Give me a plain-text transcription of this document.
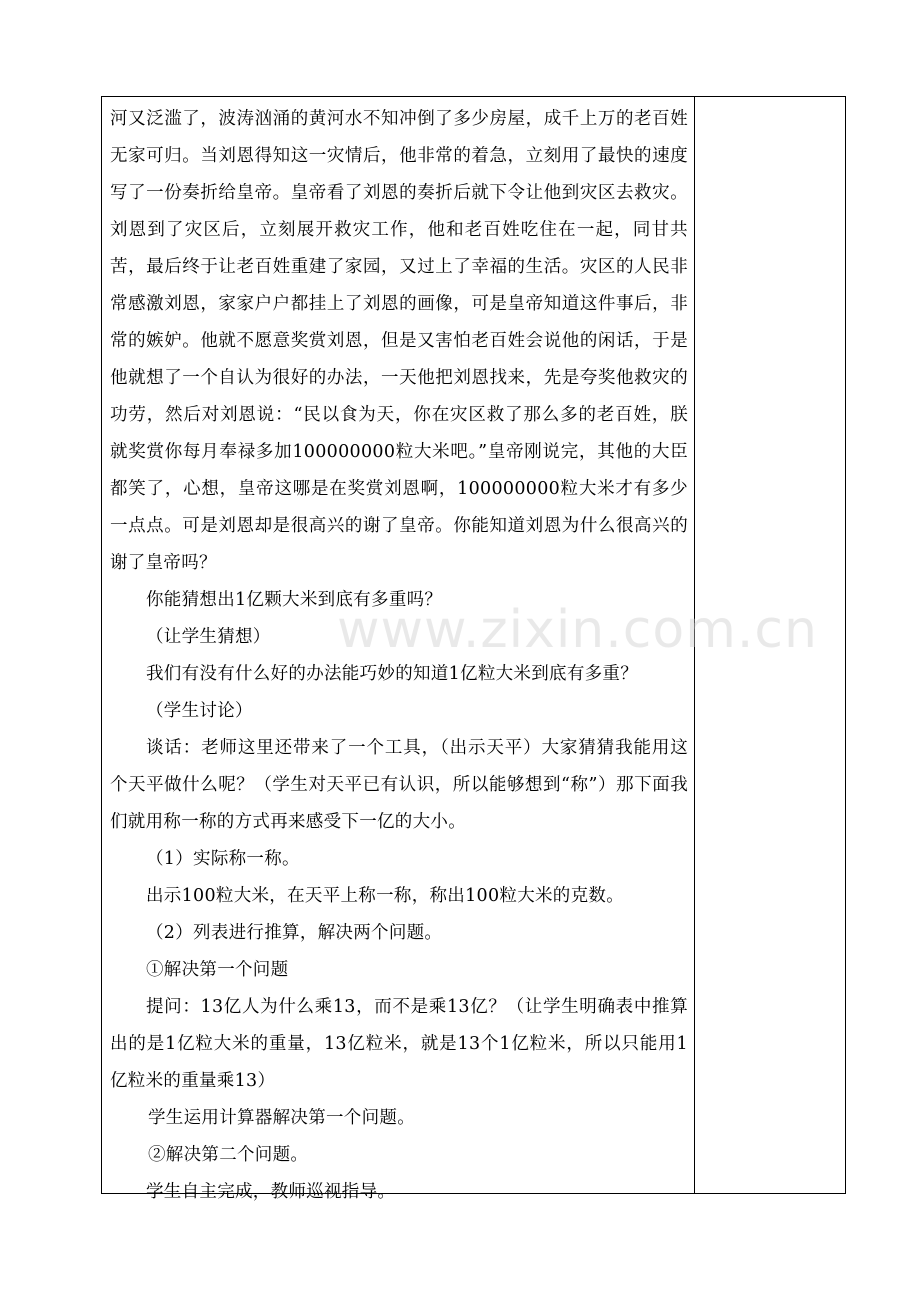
河又泛滥了，波涛汹涌的黄河水不知冲倒了多少房屋，成千上万的老百姓无家可归。当刘恩得知这一灾情后，他非常的着急，立刻用了最快的速度写了一份奏折给皇帝。皇帝看了刘恩的奏折后就下令让他到灾区去救灾。刘恩到了灾区后，立刻展开救灾工作，他和老百姓吃住在一起，同甘共苦，最后终于让老百姓重建了家园，又过上了幸福的生活。灾区的人民非常感激刘恩，家家户户都挂上了刘恩的画像，可是皇帝知道这件事后，非常的嫉妒。他就不愿意奖赏刘恩，但是又害怕老百姓会说他的闲话，于是他就想了一个自认为很好的办法，一天他把刘恩找来，先是夸奖他救灾的功劳，然后对刘恩说：“民以食为天，你在灾区救了那么多的老百姓，朕就奖赏你每月奉禄多加100000000粒大米吧。”皇帝刚说完，其他的大臣都笑了，心想，皇帝这哪是在奖赏刘恩啊，100000000粒大米才有多少一点点。可是刘恩却是很高兴的谢了皇帝。你能知道刘恩为什么很高兴的谢了皇帝吗？

你能猜想出1亿颗大米到底有多重吗？

（让学生猜想）

我们有没有什么好的办法能巧妙的知道1亿粒大米到底有多重？

（学生讨论）

谈话：老师这里还带来了一个工具，（出示天平）大家猜猜我能用这个天平做什么呢？（学生对天平已有认识，所以能够想到“称”）那下面我们就用称一称的方式再来感受下一亿的大小。

（1）实际称一称。

出示100粒大米，在天平上称一称，称出100粒大米的克数。

（2）列表进行推算，解决两个问题。

①解决第一个问题

提问：13亿人为什么乘13，而不是乘13亿？（让学生明确表中推算出的是1亿粒大米的重量，13亿粒米，就是13个1亿粒米，所以只能用1亿粒米的重量乘13）

学生运用计算器解决第一个问题。

②解决第二个问题。

学生自主完成，教师巡视指导。

www.zixin.com.cn
